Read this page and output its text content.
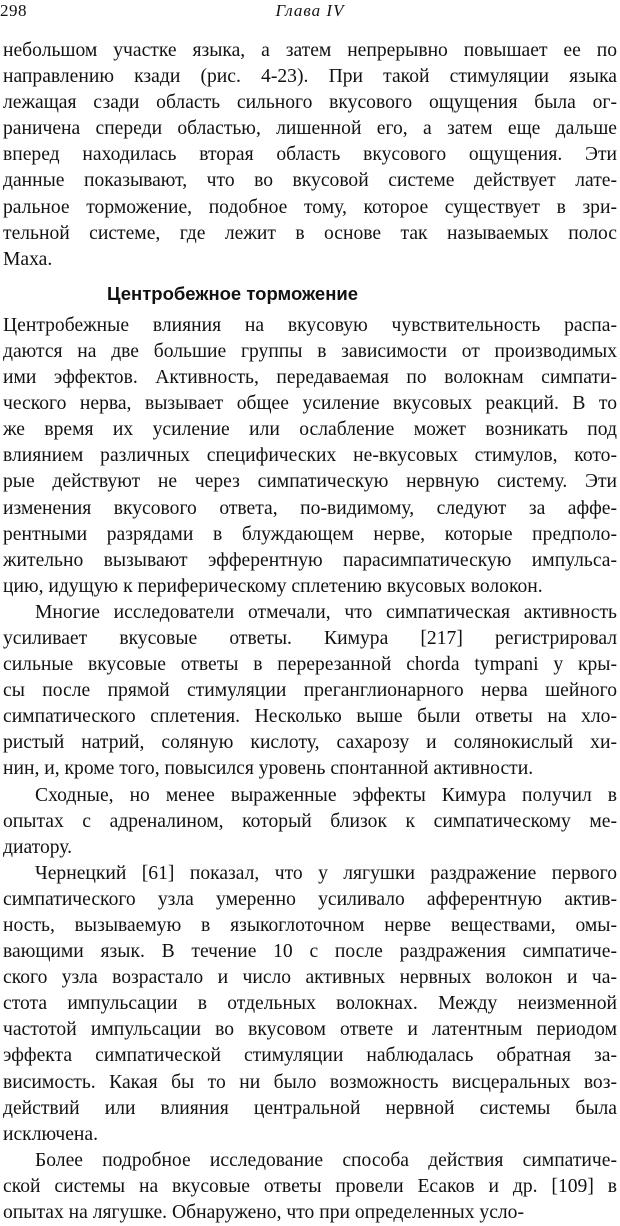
298	Глава IV
небольшом участке языка, а затем непрерывно повышает ее по
направлению кзади (рис. 4-23). При такой стимуляции языка
лежащая сзади область сильного вкусового ощущения была ог-
раничена спереди областью, лишенной его, а затем еще дальше
вперед находилась вторая область вкусового ощущения. Эти
данные показывают, что во вкусовой системе действует лате-
ральное торможение, подобное тому, которое существует в зри-
тельной системе, где лежит в основе так называемых полос
Маха.
Центробежное торможение
Центробежные влияния на вкусовую чувствительность распа-
даются на две большие группы в зависимости от производимых
ими эффектов. Активность, передаваемая по волокнам симпати-
ческого нерва, вызывает общее усиление вкусовых реакций. В то
же время их усиление или ослабление может возникать под
влиянием различных специфических не-вкусовых стимулов, кото-
рые действуют не через симпатическую нервную систему. Эти
изменения вкусового ответа, по-видимому, следуют за аффе-
рентными разрядами в блуждающем нерве, которые предполо-
жительно вызывают эфферентную парасимпатическую импульса-
цию, идущую к периферическому сплетению вкусовых волокон.
Многие исследователи отмечали, что симпатическая активность
усиливает вкусовые ответы. Кимура [217] регистрировал
сильные вкусовые ответы в перерезанной chorda tympani у кры-
сы после прямой стимуляции преганглионарного нерва шейного
симпатического сплетения. Несколько выше были ответы на хло-
ристый натрий, соляную кислоту, сахарозу и солянокислый хи-
нин, и, кроме того, повысился уровень спонтанной активности.
Сходные, но менее выраженные эффекты Кимура получил в
опытах с адреналином, который близок к симпатическому ме-
диатору.
Чернецкий [61] показал, что у лягушки раздражение первого
симпатического узла умеренно усиливало афферентную актив-
ность, вызываемую в языкоглоточном нерве веществами, омы-
вающими язык. В течение 10 с после раздражения симпатиче-
ского узла возрастало и число активных нервных волокон и ча-
стота импульсации в отдельных волокнах. Между неизменной
частотой импульсации во вкусовом ответе и латентным периодом
эффекта симпатической стимуляции наблюдалась обратная за-
висимость. Какая бы то ни было возможность висцеральных воз-
действий или влияния центральной нервной системы была
исключена.
Более подробное исследование способа действия симпатиче-
ской системы на вкусовые ответы провели Есаков и др. [109] в
опытах на лягушке. Обнаружено, что при определенных усло-
